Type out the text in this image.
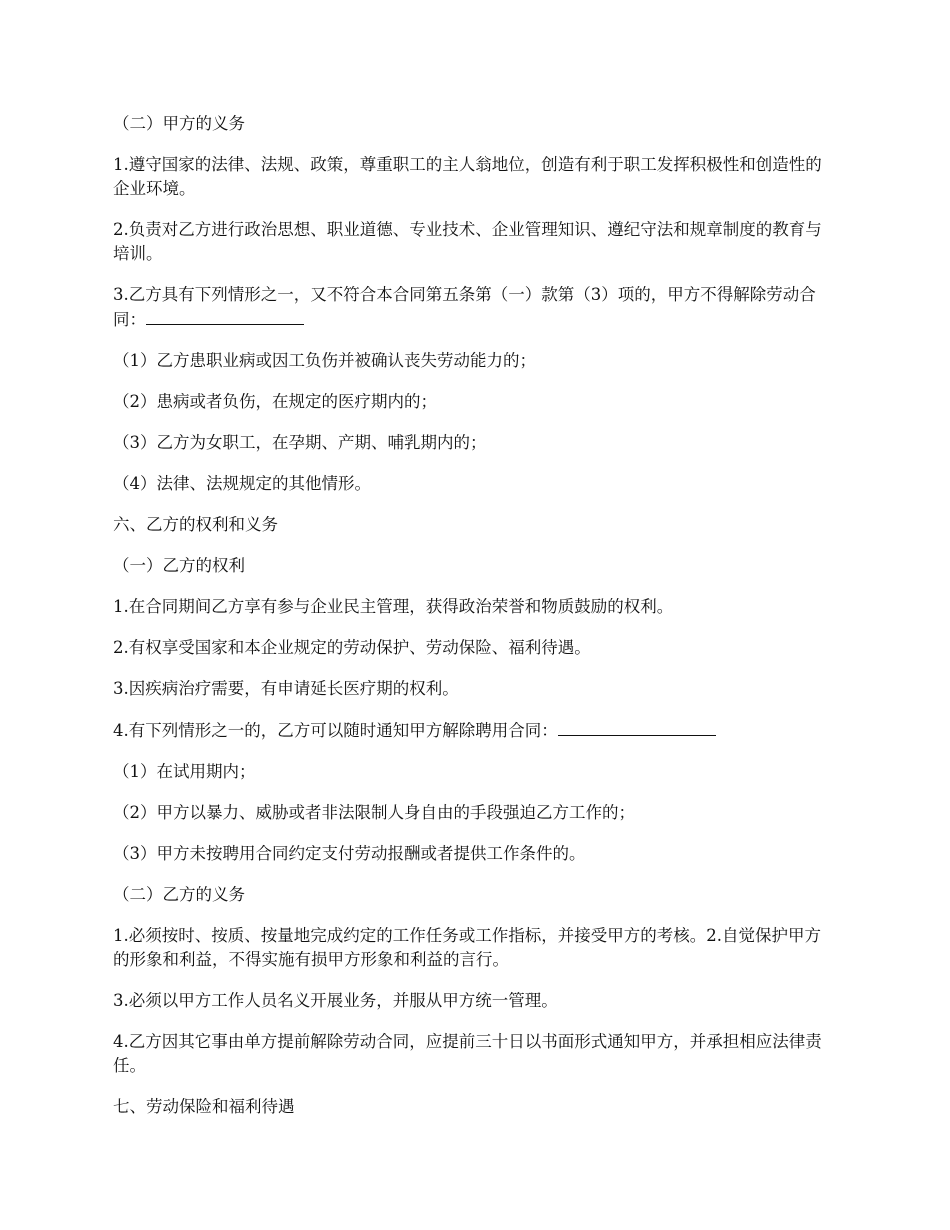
（二）甲方的义务

1.遵守国家的法律、法规、政策，尊重职工的主人翁地位，创造有利于职工发挥积极性和创造性的企业环境。

2.负责对乙方进行政治思想、职业道德、专业技术、企业管理知识、遵纪守法和规章制度的教育与培训。

3.乙方具有下列情形之一，又不符合本合同第五条第（一）款第（3）项的，甲方不得解除劳动合同：

（1）乙方患职业病或因工负伤并被确认丧失劳动能力的；

（2）患病或者负伤，在规定的医疗期内的；

（3）乙方为女职工，在孕期、产期、哺乳期内的；

（4）法律、法规规定的其他情形。

六、乙方的权利和义务

（一）乙方的权利

1.在合同期间乙方享有参与企业民主管理，获得政治荣誉和物质鼓励的权利。

2.有权享受国家和本企业规定的劳动保护、劳动保险、福利待遇。

3.因疾病治疗需要，有申请延长医疗期的权利。

4.有下列情形之一的，乙方可以随时通知甲方解除聘用合同：

（1）在试用期内；

（2）甲方以暴力、威胁或者非法限制人身自由的手段强迫乙方工作的；

（3）甲方未按聘用合同约定支付劳动报酬或者提供工作条件的。

（二）乙方的义务

1.必须按时、按质、按量地完成约定的工作任务或工作指标，并接受甲方的考核。2.自觉保护甲方的形象和利益，不得实施有损甲方形象和利益的言行。

3.必须以甲方工作人员名义开展业务，并服从甲方统一管理。

4.乙方因其它事由单方提前解除劳动合同，应提前三十日以书面形式通知甲方，并承担相应法律责任。

七、劳动保险和福利待遇
